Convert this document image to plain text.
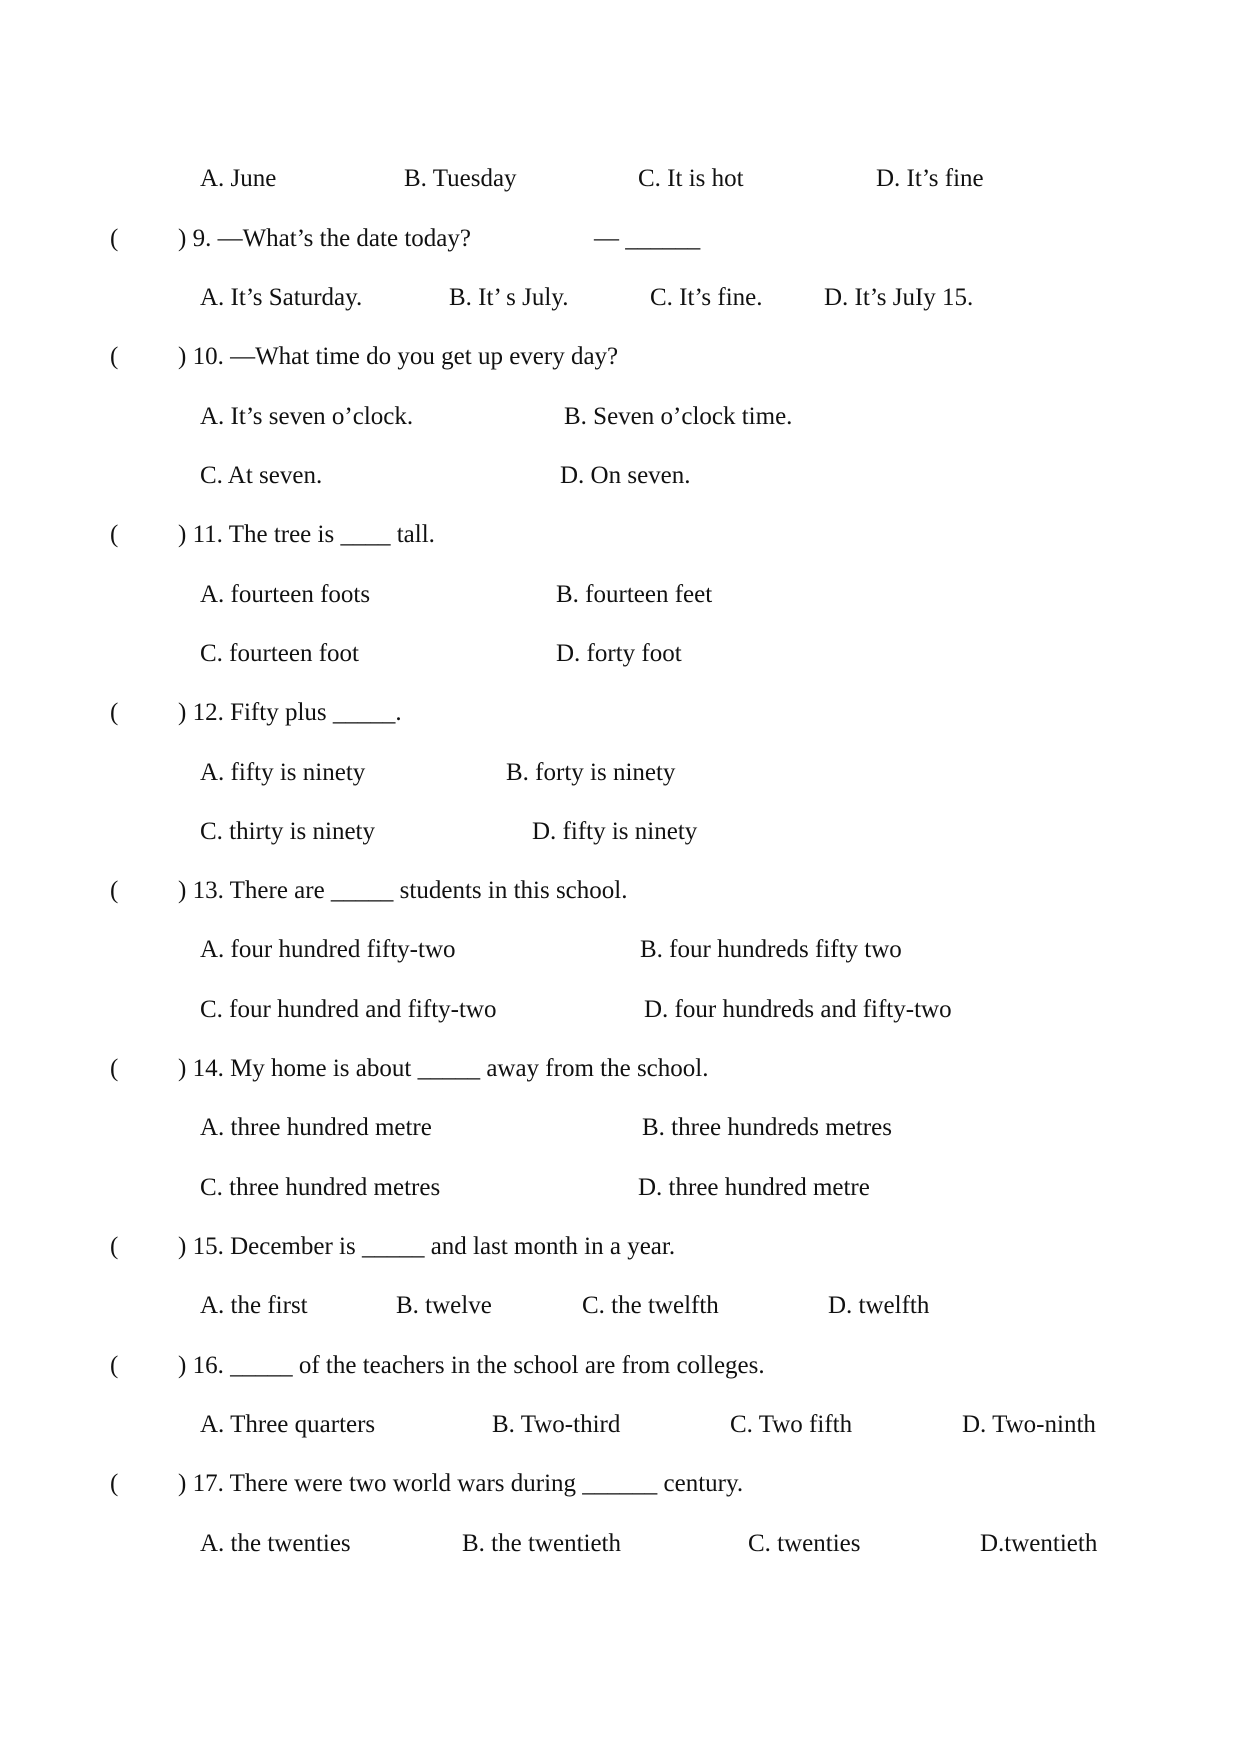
A. June	B. Tuesday	C. It is hot	D. It’s fine
( ) 9. —What’s the date today?	— ______
A. It’s Saturday.	B. It’ s July.	C. It’s fine. D. It’s JuIy 15.
( ) 10. —What time do you get up every day?
A. It’s seven o’clock.	B. Seven o’clock time.
C. At seven.	D. On seven.
( ) 11. The tree is ____ tall.
A. fourteen foots	B. fourteen feet
C. fourteen foot	D. forty foot
( ) 12. Fifty plus _____.
A. fifty is ninety	B. forty is ninety
C. thirty is ninety	D. fifty is ninety
( ) 13. There are _____ students in this school.
A. four hundred fifty-two	B. four hundreds fifty two
C. four hundred and fifty-two	D. four hundreds and fifty-two
( ) 14. My home is about _____ away from the school.
A. three hundred metre	B. three hundreds metres
C. three hundred metres	D. three hundred metre
( ) 15. December is _____ and last month in a year.
A. the first	B. twelve	C. the twelfth	D. twelfth
( ) 16. _____ of the teachers in the school are from colleges.
A. Three quarters	B. Two-third	C. Two fifth	D. Two-ninth
( ) 17. There were two world wars during ______ century.
A. the twenties	B. the twentieth	C. twenties	D.twentieth
